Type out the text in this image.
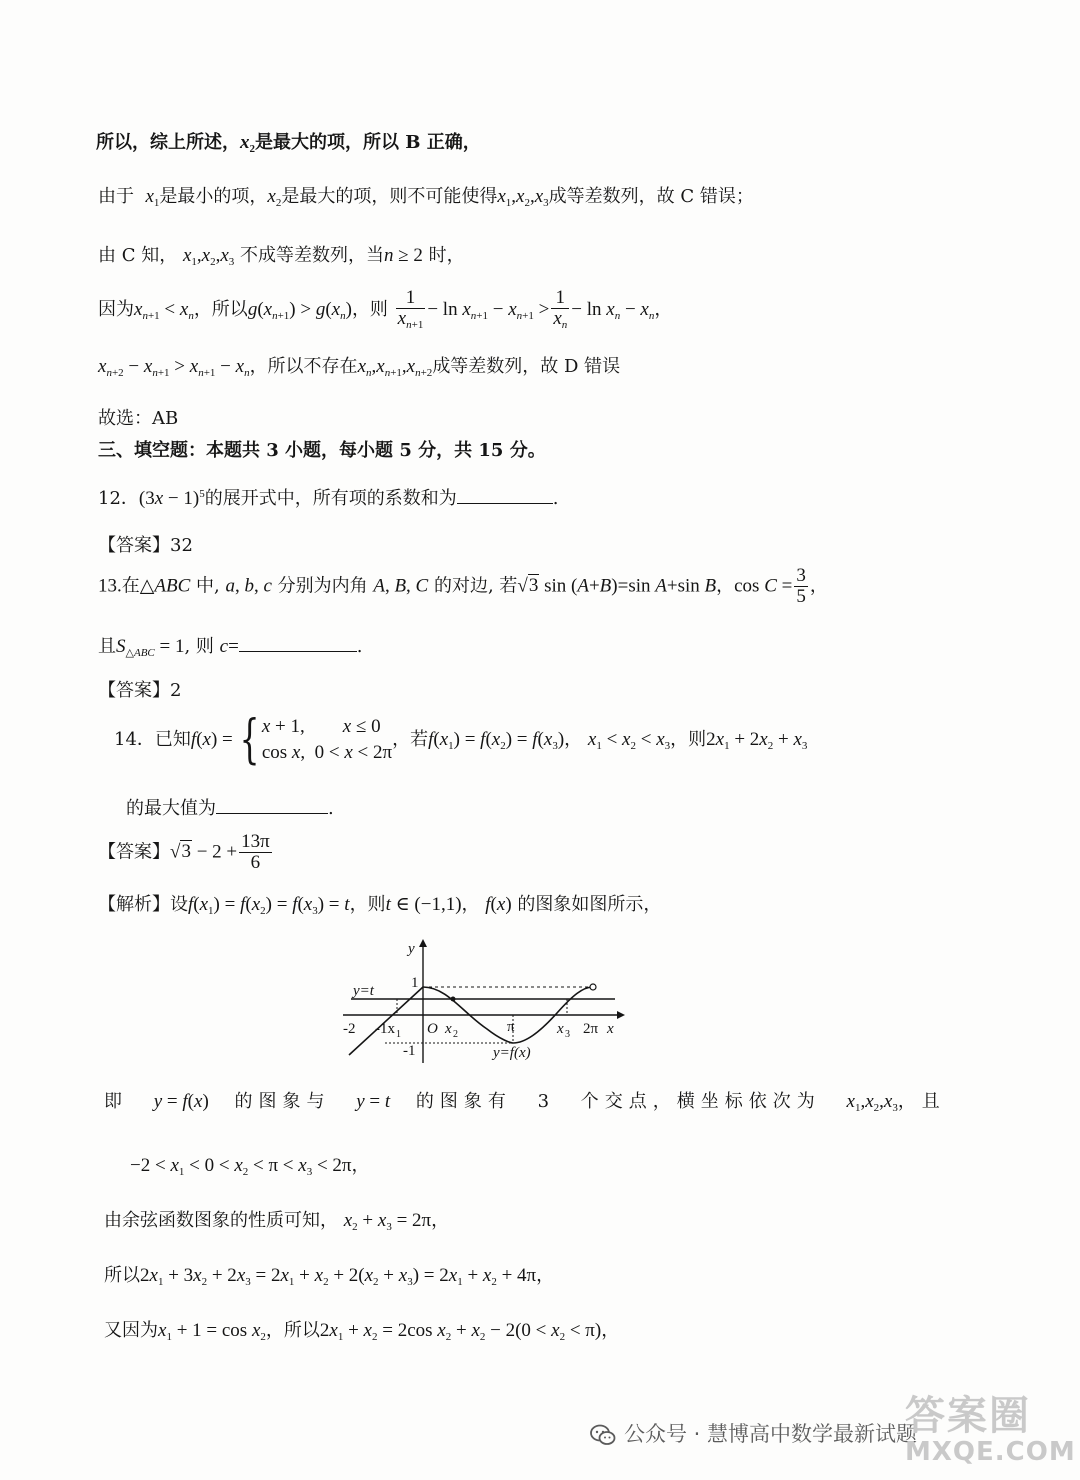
所以，综上所述，$x_2$是最大的项，所以 B 正确，
由于  $x_1$是最小的项，$x_2$是最大的项，则不可能使得$x_1,x_2,x_3$成等差数列，故 C 错误；
由 C 知， $x_1,x_2,x_3$ 不成等差数列，当n ≥ 2 时，
因为$x_{n+1} < x_n$，所以$g(x_{n+1}) > g(x_n)$，则 $\frac{1}{x_{n+1}} - \ln x_{n+1} - x_{n+1} > \frac{1}{x_n} - \ln x_n - x_n$，
$x_{n+2} - x_{n+1} > x_{n+1} - x_n$，所以不存在$x_n,x_{n+1},x_{n+2}$成等差数列，故 D 错误
故选：AB
三、填空题：本题共 3 小题，每小题 5 分，共 15 分。
12．$(3x - 1)^5$的展开式中，所有项的系数和为	.
【答案】32
13.在△ABC 中, a, b, c 分别为内角 A, B, C 的对边, 若√3 sin (A+B)=sin A+sin B，$\cos C = \frac{3}{5}$ ，
且$S_{\triangle ABC} = 1$, 则 c=	.
【答案】2
14．已知f(x) = { x + 1,        x ≤ 0
cos x,  0 < x < 2π
，若$f(x_1) = f(x_2) = f(x_3)$， $x_1 < x_2 < x_3$，则$2x_1 + 2x_2 + x_3$
的最大值为	.
【答案】$√3 - 2 + \frac{13\pi}{6}$
【解析】设$f(x_1) = f(x_2) = f(x_3) = t$，则t ∈ (−1,1)， f(x) 的图象如图所示，
y
x
y=t 1
-2 -1x 1 O x 2	π	x 3 2π
-1	y=f(x)
即 y = f(x) 的图象与 y = t 的图象有 3 个交点，横坐标依次为 $x_1,x_2,x_3$，且
$-2 < x_1 < 0 < x_2 < \pi < x_3 < 2\pi$，
由余弦函数图象的性质可知， $x_2 + x_3 = 2\pi$，
所以$2x_1 + 3x_2 + 2x_3 = 2x_1 + x_2 + 2(x_2 + x_3) = 2x_1 + x_2 + 4\pi$，
又因为$x_1 + 1 = \cos x_2$，所以$2x_1 + x_2 = 2\cos$ $x_2 + x_2 - 2(0 < x_2 < \pi)$，
公众号 · 慧博高中数学最新试题
答案圈
MXQE.COM
